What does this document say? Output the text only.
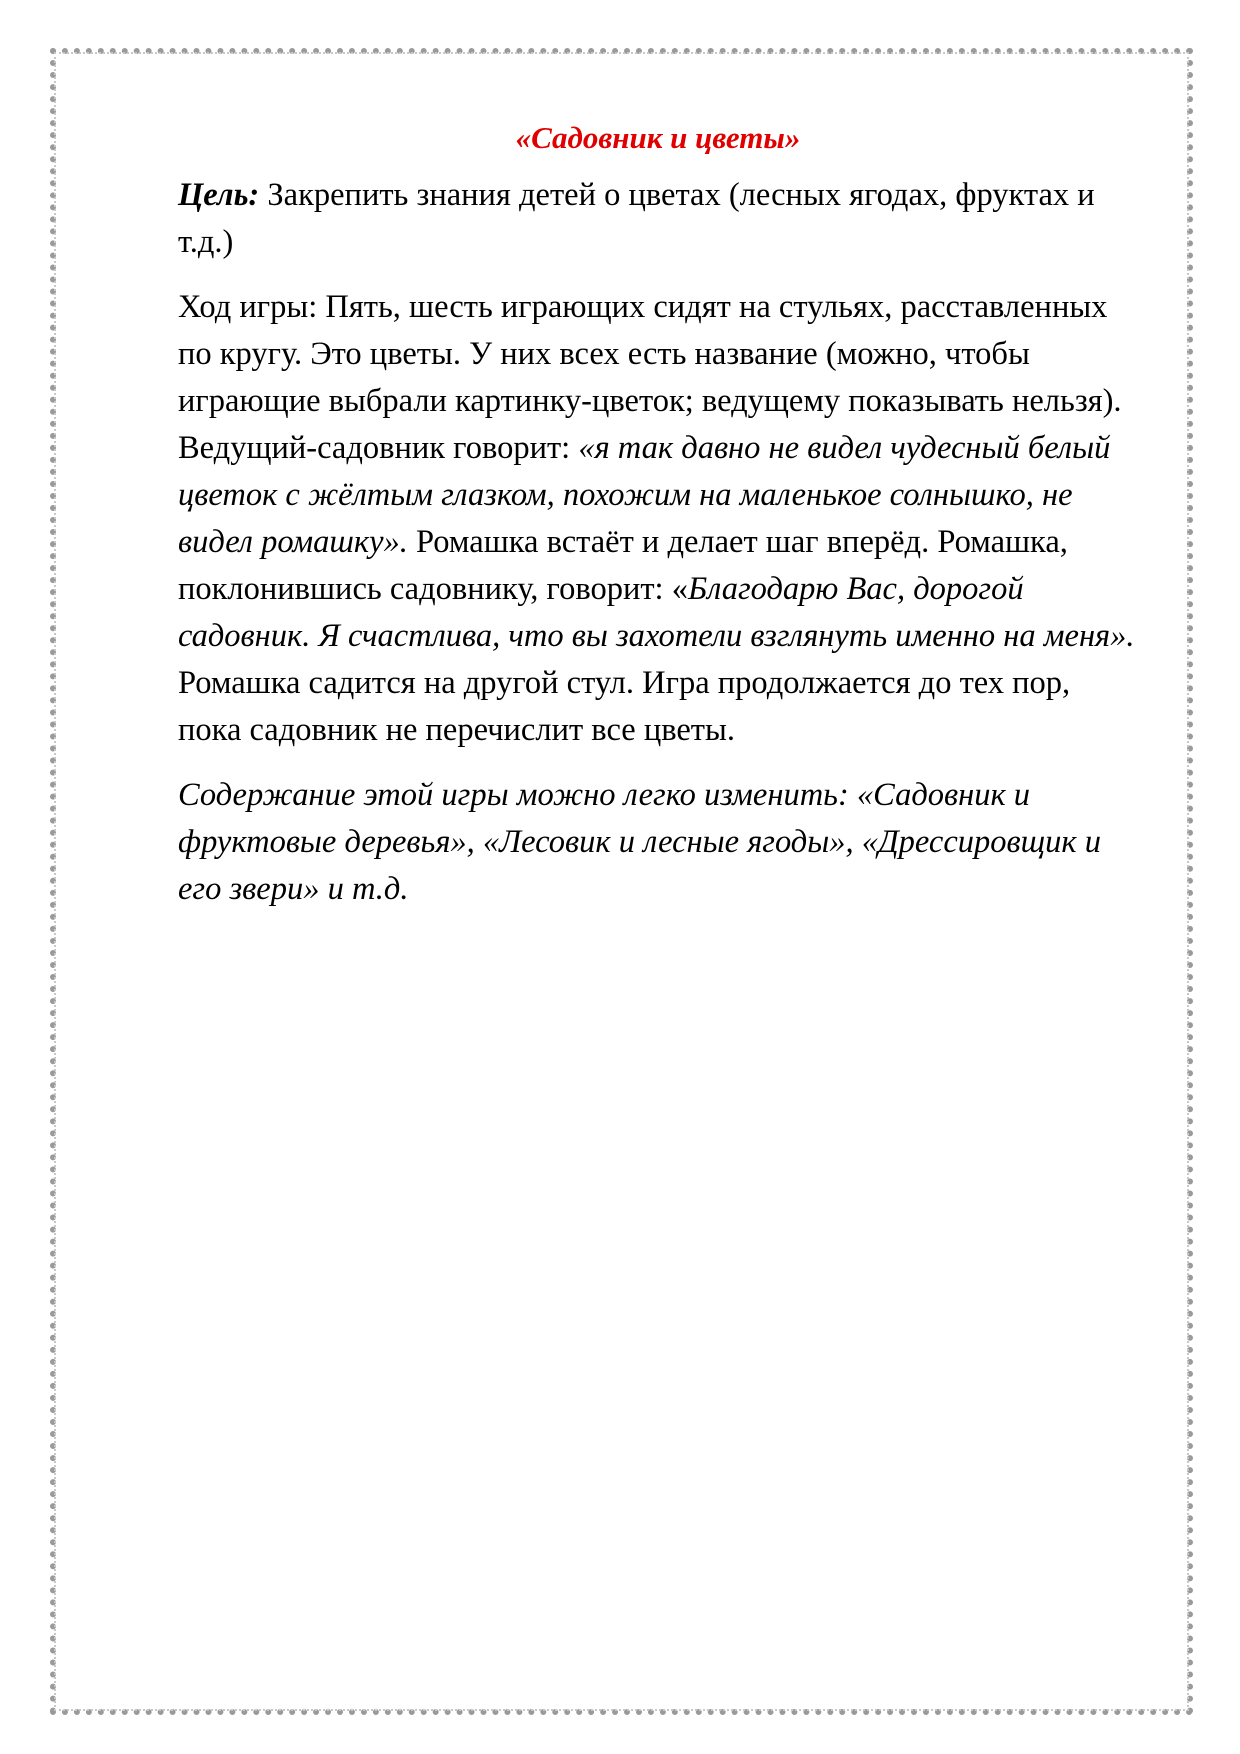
«Садовник и цветы»

Цель: Закрепить знания детей о цветах (лесных ягодах, фруктах и т.д.)

Ход игры: Пять, шесть играющих сидят на стульях, расставленных по кругу. Это цветы. У них всех есть название (можно, чтобы играющие выбрали картинку-цветок; ведущему показывать нельзя). Ведущий-садовник говорит: «я так давно не видел чудесный белый цветок с жёлтым глазком, похожим на маленькое солнышко, не видел ромашку». Ромашка встаёт и делает шаг вперёд. Ромашка, поклонившись садовнику, говорит: «Благодарю Вас, дорогой садовник. Я счастлива, что вы захотели взглянуть именно на меня». Ромашка садится на другой стул. Игра продолжается до тех пор, пока садовник не перечислит все цветы.

Содержание этой игры можно легко изменить: «Садовник и фруктовые деревья», «Лесовик и лесные ягоды», «Дрессировщик и его звери» и т.д.
